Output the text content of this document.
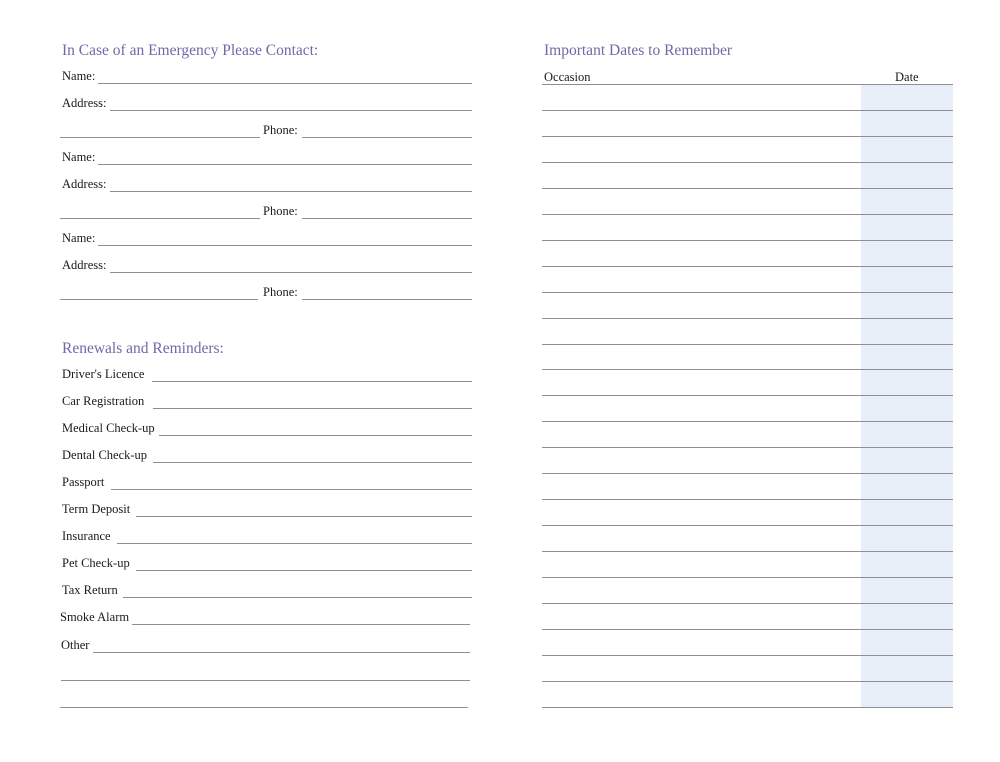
In Case of an Emergency Please Contact:
Name:
Address:
Phone:
Name:
Address:
Phone:
Name:
Address:
Phone:
Renewals and Reminders:
Driver's Licence
Car Registration
Medical Check-up
Dental Check-up
Passport
Term Deposit
Insurance
Pet Check-up
Tax Return
Smoke Alarm
Other
Important Dates to Remember
Occasion	Date
